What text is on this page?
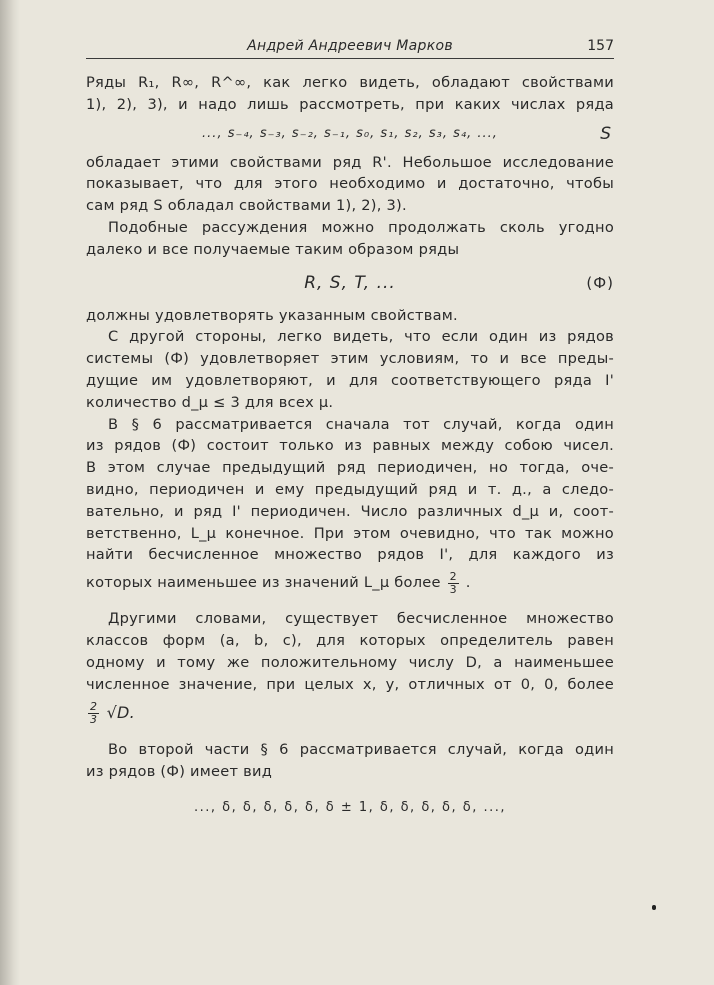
Андрей Андреевич Марков	157
Ряды R₁, R∞, R^∞, как легко видеть, обладают свойствами
1), 2), 3), и надо лишь рассмотреть, при каких числах ряда
..., s₋₄, s₋₃, s₋₂, s₋₁, s₀, s₁, s₂, s₃, s₄, ...,	S
обладает этими свойствами ряд R'. Небольшое исследование
показывает, что для этого необходимо и достаточно, чтобы
сам ряд S обладал свойствами 1), 2), 3).
Подобные рассуждения можно продолжать сколь угодно
далеко и все получаемые таким образом ряды
R, S, T, ...	(Ф)
должны удовлетворять указанным свойствам.
С другой стороны, легко видеть, что если один из рядов
системы (Ф) удовлетворяет этим условиям, то и все преды-
дущие им удовлетворяют, и для соответствующего ряда I'
количество d_μ ≤ 3 для всех μ.
В § 6 рассматривается сначала тот случай, когда один
из рядов (Ф) состоит только из равных между собою чисел.
В этом случае предыдущий ряд периодичен, но тогда, оче-
видно, периодичен и ему предыдущий ряд и т. д., а следо-
вательно, и ряд I' периодичен. Число различных d_μ и, соот-
ветственно, L_μ конечное. При этом очевидно, что так можно
найти бесчисленное множество рядов I', для каждого из
которых наименьшее из значений L_μ более $\frac{2}{3}$ .
Другими словами, существует бесчисленное множество
классов форм (a, b, c), для которых определитель равен
одному и тому же положительному числу D, а наименьшее
численное значение, при целых x, y, отличных от 0, 0, более
$\frac{2}{3} √D$.
Во второй части § 6 рассматривается случай, когда один
из рядов (Ф) имеет вид
..., δ, δ, δ, δ, δ, δ ± 1, δ, δ, δ, δ, δ, ...,
